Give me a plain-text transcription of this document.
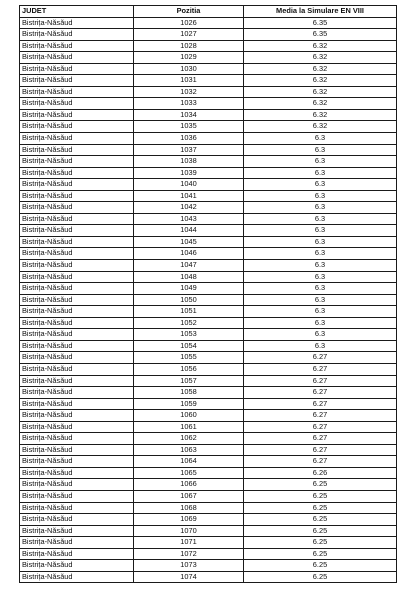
JUDET	Pozitia	Media la Simulare EN VIII
Bistrița-Năsăud	1026	6.35
Bistrița-Năsăud	1027	6.35
Bistrița-Năsăud	1028	6.32
Bistrița-Năsăud	1029	6.32
Bistrița-Năsăud	1030	6.32
Bistrița-Năsăud	1031	6.32
Bistrița-Năsăud	1032	6.32
Bistrița-Năsăud	1033	6.32
Bistrița-Năsăud	1034	6.32
Bistrița-Năsăud	1035	6.32
Bistrița-Năsăud	1036	6.3
Bistrița-Năsăud	1037	6.3
Bistrița-Năsăud	1038	6.3
Bistrița-Năsăud	1039	6.3
Bistrița-Năsăud	1040	6.3
Bistrița-Năsăud	1041	6.3
Bistrița-Năsăud	1042	6.3
Bistrița-Năsăud	1043	6.3
Bistrița-Năsăud	1044	6.3
Bistrița-Năsăud	1045	6.3
Bistrița-Năsăud	1046	6.3
Bistrița-Năsăud	1047	6.3
Bistrița-Năsăud	1048	6.3
Bistrița-Năsăud	1049	6.3
Bistrița-Năsăud	1050	6.3
Bistrița-Năsăud	1051	6.3
Bistrița-Năsăud	1052	6.3
Bistrița-Năsăud	1053	6.3
Bistrița-Năsăud	1054	6.3
Bistrița-Năsăud	1055	6.27
Bistrița-Năsăud	1056	6.27
Bistrița-Năsăud	1057	6.27
Bistrița-Năsăud	1058	6.27
Bistrița-Năsăud	1059	6.27
Bistrița-Năsăud	1060	6.27
Bistrița-Năsăud	1061	6.27
Bistrița-Năsăud	1062	6.27
Bistrița-Năsăud	1063	6.27
Bistrița-Năsăud	1064	6.27
Bistrița-Năsăud	1065	6.26
Bistrița-Năsăud	1066	6.25
Bistrița-Năsăud	1067	6.25
Bistrița-Năsăud	1068	6.25
Bistrița-Năsăud	1069	6.25
Bistrița-Năsăud	1070	6.25
Bistrița-Năsăud	1071	6.25
Bistrița-Năsăud	1072	6.25
Bistrița-Năsăud	1073	6.25
Bistrița-Năsăud	1074	6.25
